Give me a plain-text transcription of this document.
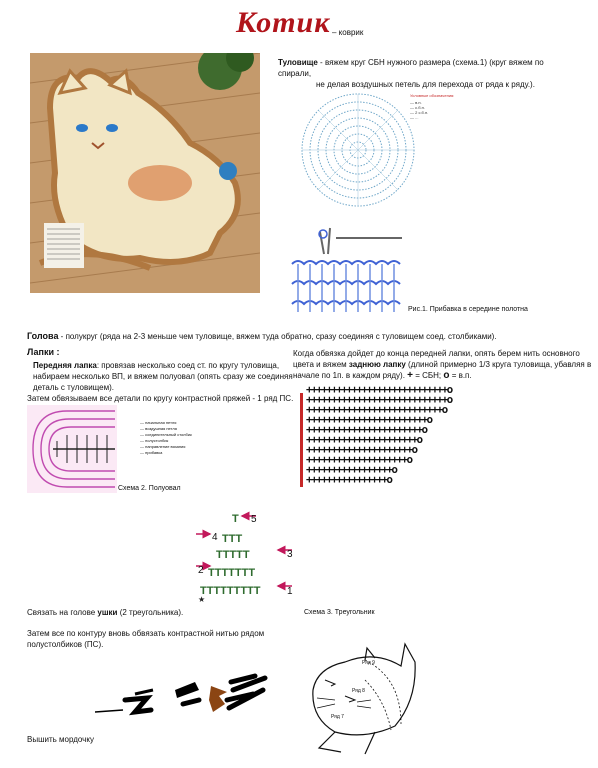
Котик – коврик
Туловище - вяжем круг СБН нужного размера (схема.1) (круг вяжем по спирали,
не делая воздушных петель для перехода от ряда к ряду.).
Условные обозначения:
— в.п.
— с.б.н.
— 2 с.б.н.
— ...
Рис.1. Прибавка в середине полотна
Голова - полукруг (ряда на 2-3 меньше чем туловище, вяжем туда обратно, сразу соединяя с туловищем соед. столбиками).
Лапки :
Передняя лапка: провязав несколько соед ст. по кругу туловища,
набираем несколько ВП, и вяжем полуовал (опять сразу же соединяя
деталь с туловищем).
Затем обвязываем все детали по кругу контрастной пряжей - 1 ряд ПС.
— начальная петля
— воздушная петля
— соединительный столбик
— полустолбик
— направление вязания
— прибавка
Схема 2. Полуовал
Когда обвязка дойдет до конца передней лапки, опять берем нить основного
цвета и вяжем заднюю лапку (длиной примерно 1/3 круга туловища, убавляя в
начале по 1п. в каждом ряду). + = СБН; o = в.п.
++++++++++++++++++++++++++++o
++++++++++++++++++++++++++++o
+++++++++++++++++++++++++++o
++++++++++++++++++++++++o
+++++++++++++++++++++++o
++++++++++++++++++++++o
+++++++++++++++++++++o
++++++++++++++++++++o
+++++++++++++++++o
++++++++++++++++o
T
TTT
TTTTT
TTTTTTT
TTTTTTTTT
★
5
4
3
2
1
Связать на голове ушки (2 треугольника).	Схема 3. Треугольник
Затем все по контуру вновь обвязать контрастной нитью рядом
полустолбиков (ПС).
Вышить мордочку
Ряд 9
Ряд 8
Ряд 7
